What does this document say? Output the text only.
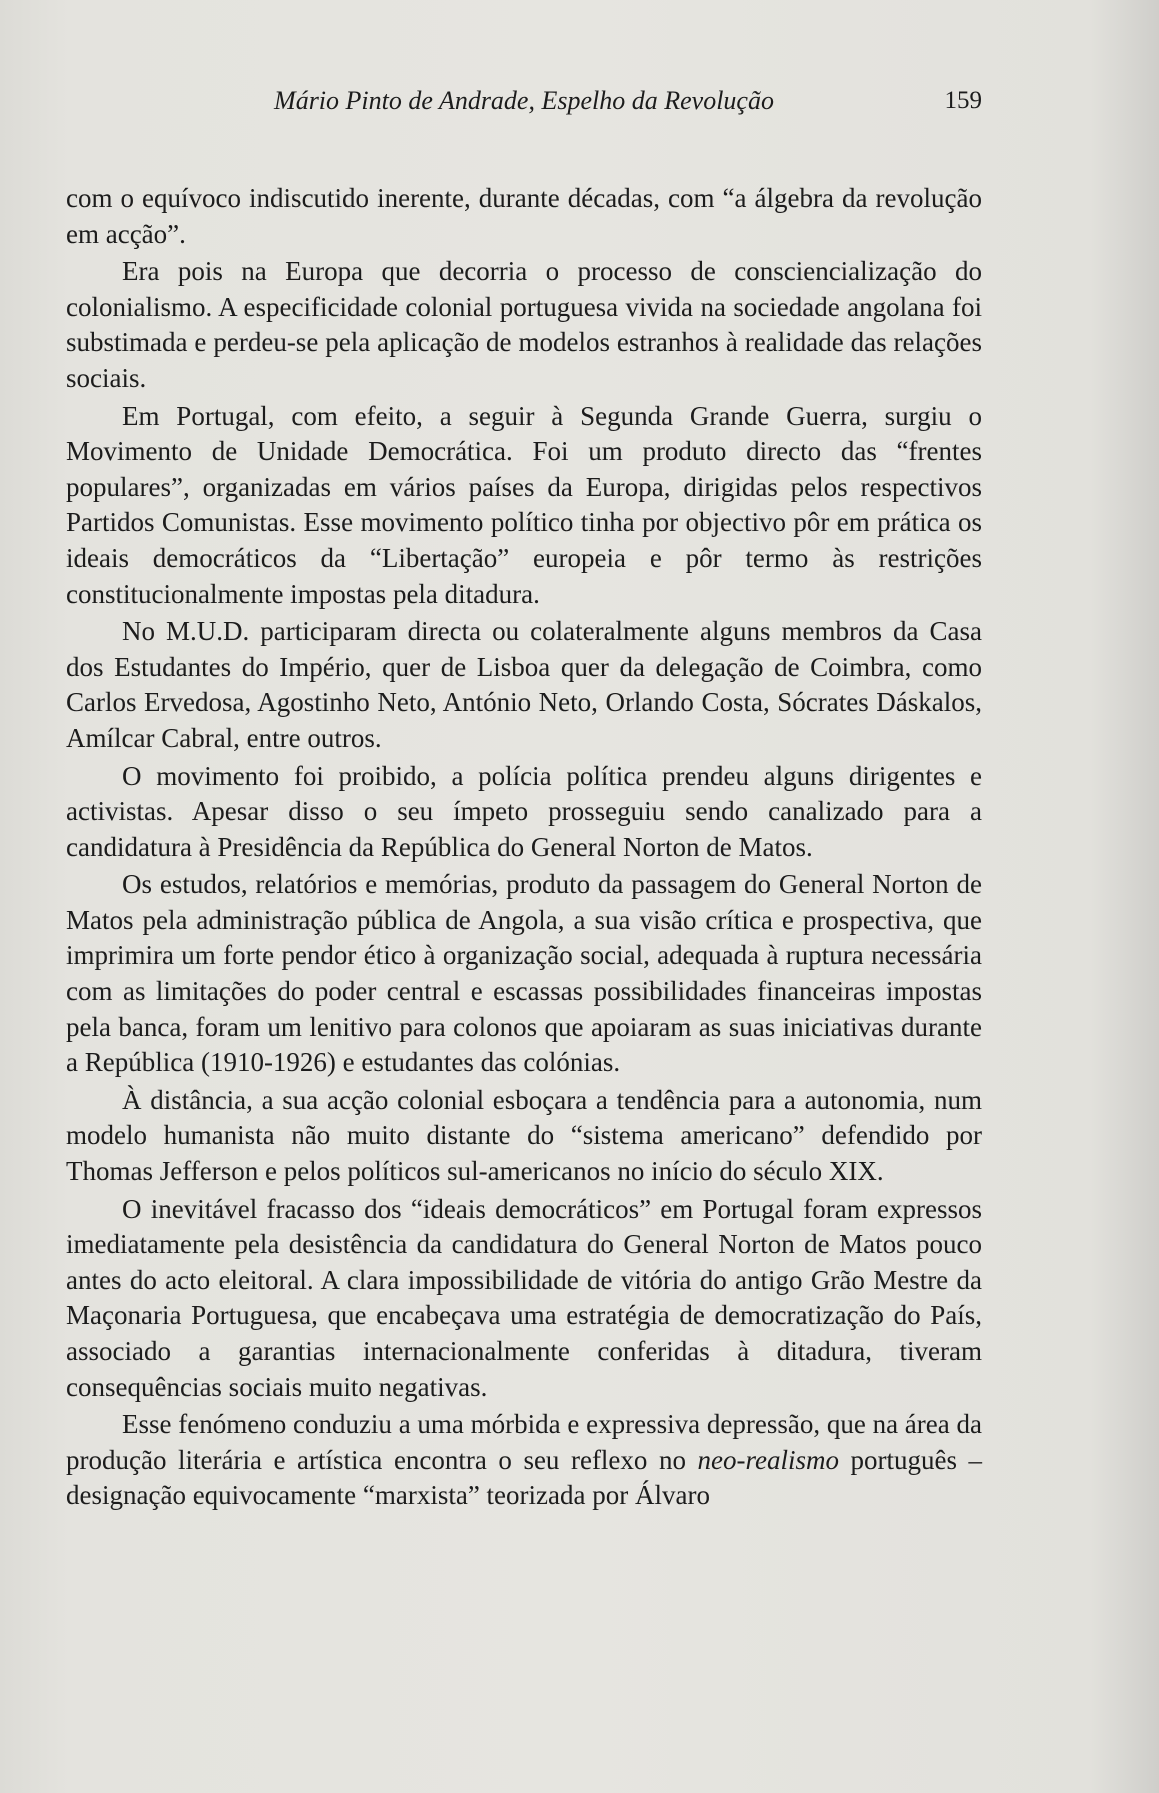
Mário Pinto de Andrade, Espelho da Revolução	159

com o equívoco indiscutido inerente, durante décadas, com “a álgebra da revolução em acção”.

Era pois na Europa que decorria o processo de consciencialização do colonialismo. A especificidade colonial portuguesa vivida na sociedade angolana foi substimada e perdeu-se pela aplicação de modelos estranhos à realidade das relações sociais.

Em Portugal, com efeito, a seguir à Segunda Grande Guerra, surgiu o Movimento de Unidade Democrática. Foi um produto directo das “frentes populares”, organizadas em vários países da Europa, dirigidas pelos respectivos Partidos Comunistas. Esse movimento político tinha por objectivo pôr em prática os ideais democráticos da “Libertação” europeia e pôr termo às restrições constitucionalmente impostas pela ditadura.

No M.U.D. participaram directa ou colateralmente alguns membros da Casa dos Estudantes do Império, quer de Lisboa quer da delegação de Coimbra, como Carlos Ervedosa, Agostinho Neto, António Neto, Orlando Costa, Sócrates Dáskalos, Amílcar Cabral, entre outros.

O movimento foi proibido, a polícia política prendeu alguns dirigentes e activistas. Apesar disso o seu ímpeto prosseguiu sendo canalizado para a candidatura à Presidência da República do General Norton de Matos.

Os estudos, relatórios e memórias, produto da passagem do General Norton de Matos pela administração pública de Angola, a sua visão crítica e prospectiva, que imprimira um forte pendor ético à organização social, adequada à ruptura necessária com as limitações do poder central e escassas possibilidades financeiras impostas pela banca, foram um lenitivo para colonos que apoiaram as suas iniciativas durante a República (1910-1926) e estudantes das colónias.

À distância, a sua acção colonial esboçara a tendência para a autonomia, num modelo humanista não muito distante do “sistema americano” defendido por Thomas Jefferson e pelos políticos sul-americanos no início do século XIX.

O inevitável fracasso dos “ideais democráticos” em Portugal foram expressos imediatamente pela desistência da candidatura do General Norton de Matos pouco antes do acto eleitoral. A clara impossibilidade de vitória do antigo Grão Mestre da Maçonaria Portuguesa, que encabeçava uma estratégia de democratização do País, associado a garantias internacionalmente conferidas à ditadura, tiveram consequências sociais muito negativas.

Esse fenómeno conduziu a uma mórbida e expressiva depressão, que na área da produção literária e artística encontra o seu reflexo no neo-realismo português – designação equivocamente “marxista” teorizada por Álvaro
